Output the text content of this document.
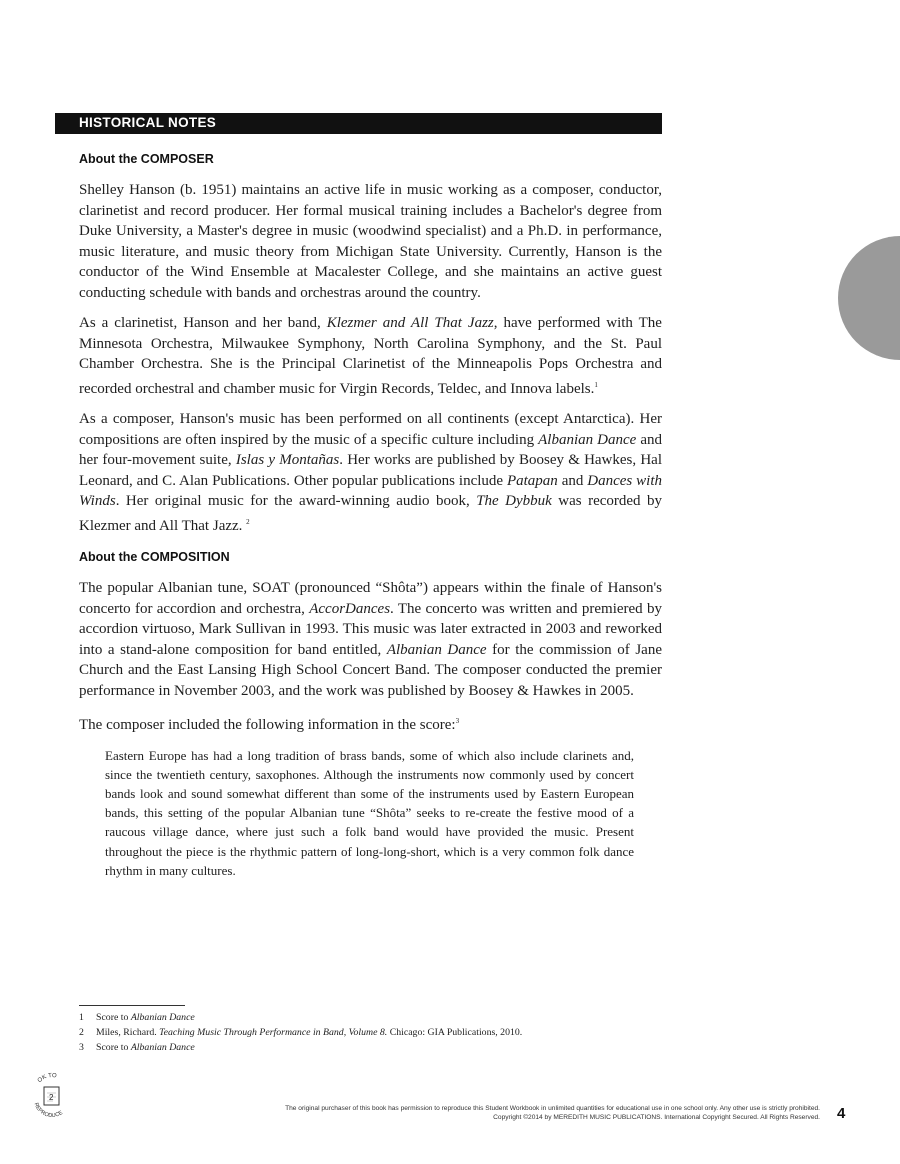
HISTORICAL NOTES
About the COMPOSER

Shelley Hanson (b. 1951) maintains an active life in music working as a composer, conductor, clarinetist and record producer. Her formal musical training includes a Bachelor's degree from Duke University, a Master's degree in music (woodwind specialist) and a Ph.D. in performance, music literature, and music theory from Michigan State University. Currently, Hanson is the conductor of the Wind Ensemble at Macalester College, and she maintains an active guest conducting schedule with bands and orchestras around the country.

As a clarinetist, Hanson and her band, Klezmer and All That Jazz, have performed with The Minnesota Orchestra, Milwaukee Symphony, North Carolina Symphony, and the St. Paul Chamber Orchestra. She is the Principal Clarinetist of the Minneapolis Pops Orchestra and recorded orchestral and chamber music for Virgin Records, Teldec, and Innova labels.$^1$

As a composer, Hanson's music has been performed on all continents (except Antarctica). Her compositions are often inspired by the music of a specific culture including Albanian Dance and her four-movement suite, Islas y Montañas. Her works are published by Boosey & Hawkes, Hal Leonard, and C. Alan Publications. Other popular publications include Patapan and Dances with Winds. Her original music for the award-winning audio book, The Dybbuk was recorded by Klezmer and All That Jazz. $^2$

About the COMPOSITION

The popular Albanian tune, SOAT (pronounced “Shôta”) appears within the finale of Hanson's concerto for accordion and orchestra, AccorDances. The concerto was written and premiered by accordion virtuoso, Mark Sullivan in 1993. This music was later extracted in 2003 and reworked into a stand-alone composition for band entitled, Albanian Dance for the commission of Jane Church and the East Lansing High School Concert Band. The composer conducted the premier performance in November 2003, and the work was published by Boosey & Hawkes in 2005.

The composer included the following information in the score:$^3$

Eastern Europe has had a long tradition of brass bands, some of which also include clarinets and, since the twentieth century, saxophones. Although the instruments now commonly used by concert bands look and sound somewhat different than some of the instruments used by Eastern European bands, this setting of the popular Albanian tune “Shôta” seeks to re-create the festive mood of a raucous village dance, where just such a folk band would have provided the music. Present throughout the piece is the rhythmic pattern of long-long-short, which is a very common folk dance rhythm in many cultures.
1 Score to Albanian Dance
2 Miles, Richard. Teaching Music Through Performance in Band, Volume 8. Chicago: GIA Publications, 2010.
3 Score to Albanian Dance
OK TO
REPRODUCE
2
The original purchaser of this book has permission to reproduce this Student Workbook in unlimited quantities for educational use in one school only. Any other use is strictly prohibited.
Copyright ©2014 by MEREDITH MUSIC PUBLICATIONS. International Copyright Secured. All Rights Reserved. 4
